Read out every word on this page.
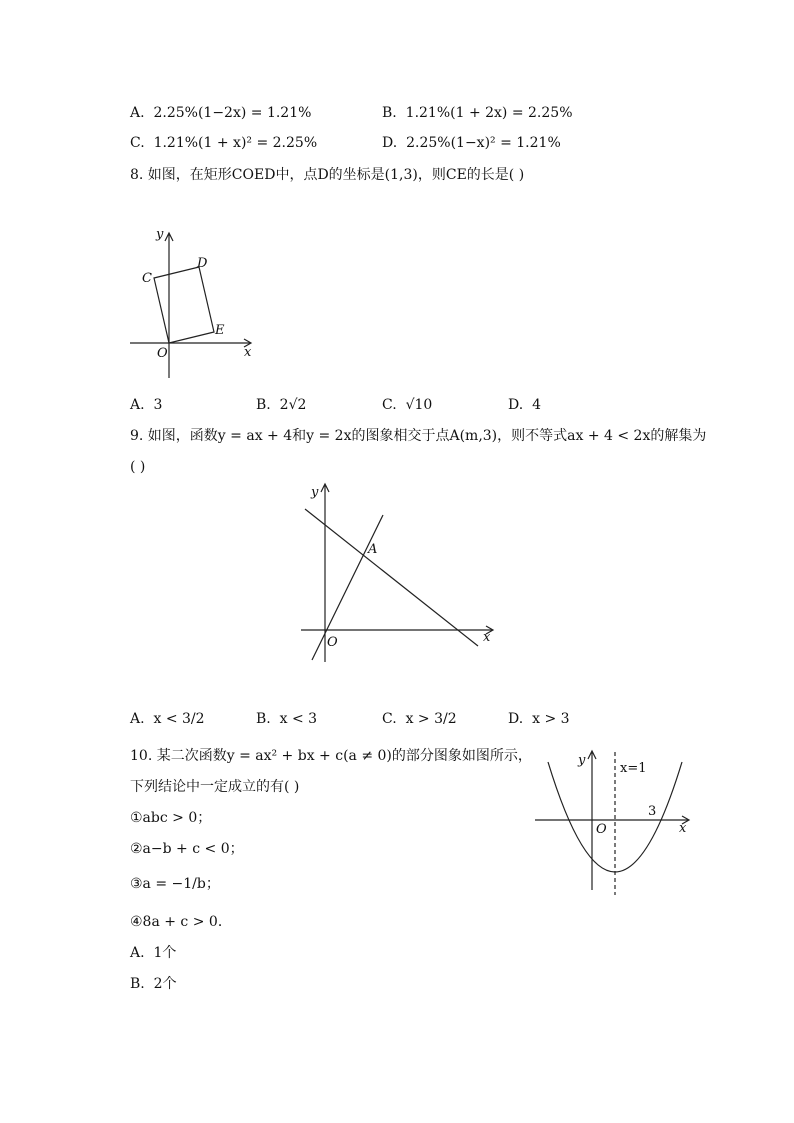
A. 2.25%(1−2x) = 1.21%	B. 1.21%(1 + 2x) = 2.25%
C. 1.21%(1 + x)² = 2.25%	D. 2.25%(1−x)² = 1.21%
8. 如图，在矩形COED中，点D的坐标是(1,3)，则CE的长是( )
y
x
O
C
D
E
A. 3	B. 2√2	C. √10	D. 4
9. 如图，函数y = ax + 4和y = 2x的图象相交于点A(m,3)，则不等式ax + 4 < 2x的解集为
( )
y
x
O
A
A. x < 3/2	B. x < 3	C. x > 3/2	D. x > 3
10. 某二次函数y = ax² + bx + c(a ≠ 0)的部分图象如图所示，
下列结论中一定成立的有( )
①abc > 0；
②a−b + c < 0；
③a = −1/b；
④8a + c > 0．
A. 1个
B. 2个
y
x
O
x=1
3
